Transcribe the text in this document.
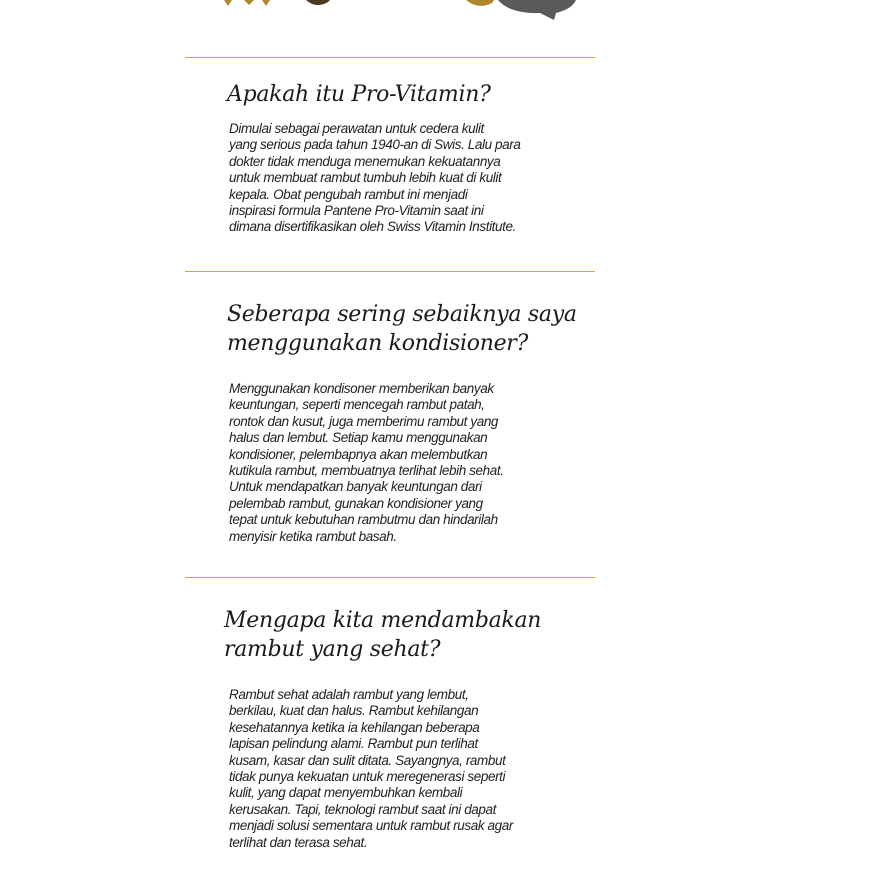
Apakah itu Pro-Vitamin?

Dimulai sebagai perawatan untuk cedera kulit
yang serious pada tahun 1940-an di Swis. Lalu para
dokter tidak menduga menemukan kekuatannya
untuk membuat rambut tumbuh lebih kuat di kulit
kepala. Obat pengubah rambut ini menjadi
inspirasi formula Pantene Pro-Vitamin saat ini
dimana disertifikasikan oleh Swiss Vitamin Institute.

Seberapa sering sebaiknya saya
menggunakan kondisioner?

Menggunakan kondisoner memberikan banyak
keuntungan, seperti mencegah rambut patah,
rontok dan kusut, juga memberimu rambut yang
halus dan lembut. Setiap kamu menggunakan
kondisioner, pelembapnya akan melembutkan
kutikula rambut, membuatnya terlihat lebih sehat.
Untuk mendapatkan banyak keuntungan dari
pelembab rambut, gunakan kondisioner yang
tepat untuk kebutuhan rambutmu dan hindarilah
menyisir ketika rambut basah.

Mengapa kita mendambakan
rambut yang sehat?

Rambut sehat adalah rambut yang lembut,
berkilau, kuat dan halus. Rambut kehilangan
kesehatannya ketika ia kehilangan beberapa
lapisan pelindung alami. Rambut pun terlihat
kusam, kasar dan sulit ditata. Sayangnya, rambut
tidak punya kekuatan untuk meregenerasi seperti
kulit, yang dapat menyembuhkan kembali
kerusakan. Tapi, teknologi rambut saat ini dapat
menjadi solusi sementara untuk rambut rusak agar
terlihat dan terasa sehat.
